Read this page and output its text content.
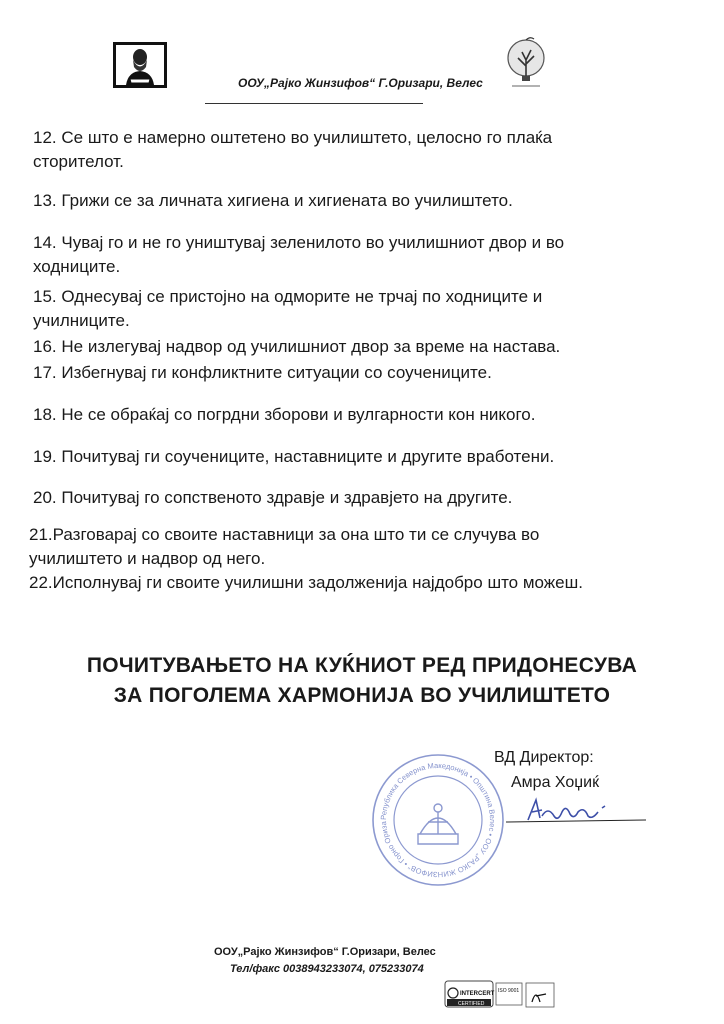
ООУ„Рајко Жинзифов“ Г.Оризари, Велес
12. Се што е намерно оштетено во училиштето, целосно го плаќа
сторителот.
13. Грижи се за личната хигиена и хигиената во училиштето.
14. Чувај го и не го уништувај зеленилото во училишниот двор и во
ходниците.
15. Однесувај се пристојно на одморите не трчај по ходниците и
училниците.
16. Не излегувај надвор од училишниот двор за време на настава.
17. Избегнувај ги конфликтните ситуации со соучениците.
18. Не се обраќај со погрдни зборови и вулгарности кон никого.
19. Почитувај ги соучениците, наставниците и другите вработени.
20. Почитувај го сопственото здравје и здравјето на другите.
21.Разговарај со своите наставници за она што ти се случува во
училиштето и надвор од него.
22.Исполнувај ги своите училишни задолженија најдобро што можеш.
ПОЧИТУВАЊЕТО НА КУЌНИОТ РЕД ПРИДОНЕСУВА
ЗА ПОГОЛЕМА ХАРМОНИЈА ВО УЧИЛИШТЕТО
Република Северна Македонија • Општина Велес • ООУ „РАЈКО ЖИНЗИФОВ“ • Горно Ориза
ВД Директор:
Амра Хоџиќ
ООУ„Рајко Жинзифов“ Г.Оризари, Велес
Тел/факс 0038943233074, 075233074
INTERCERT
CERTIFIED
ISO 9001
